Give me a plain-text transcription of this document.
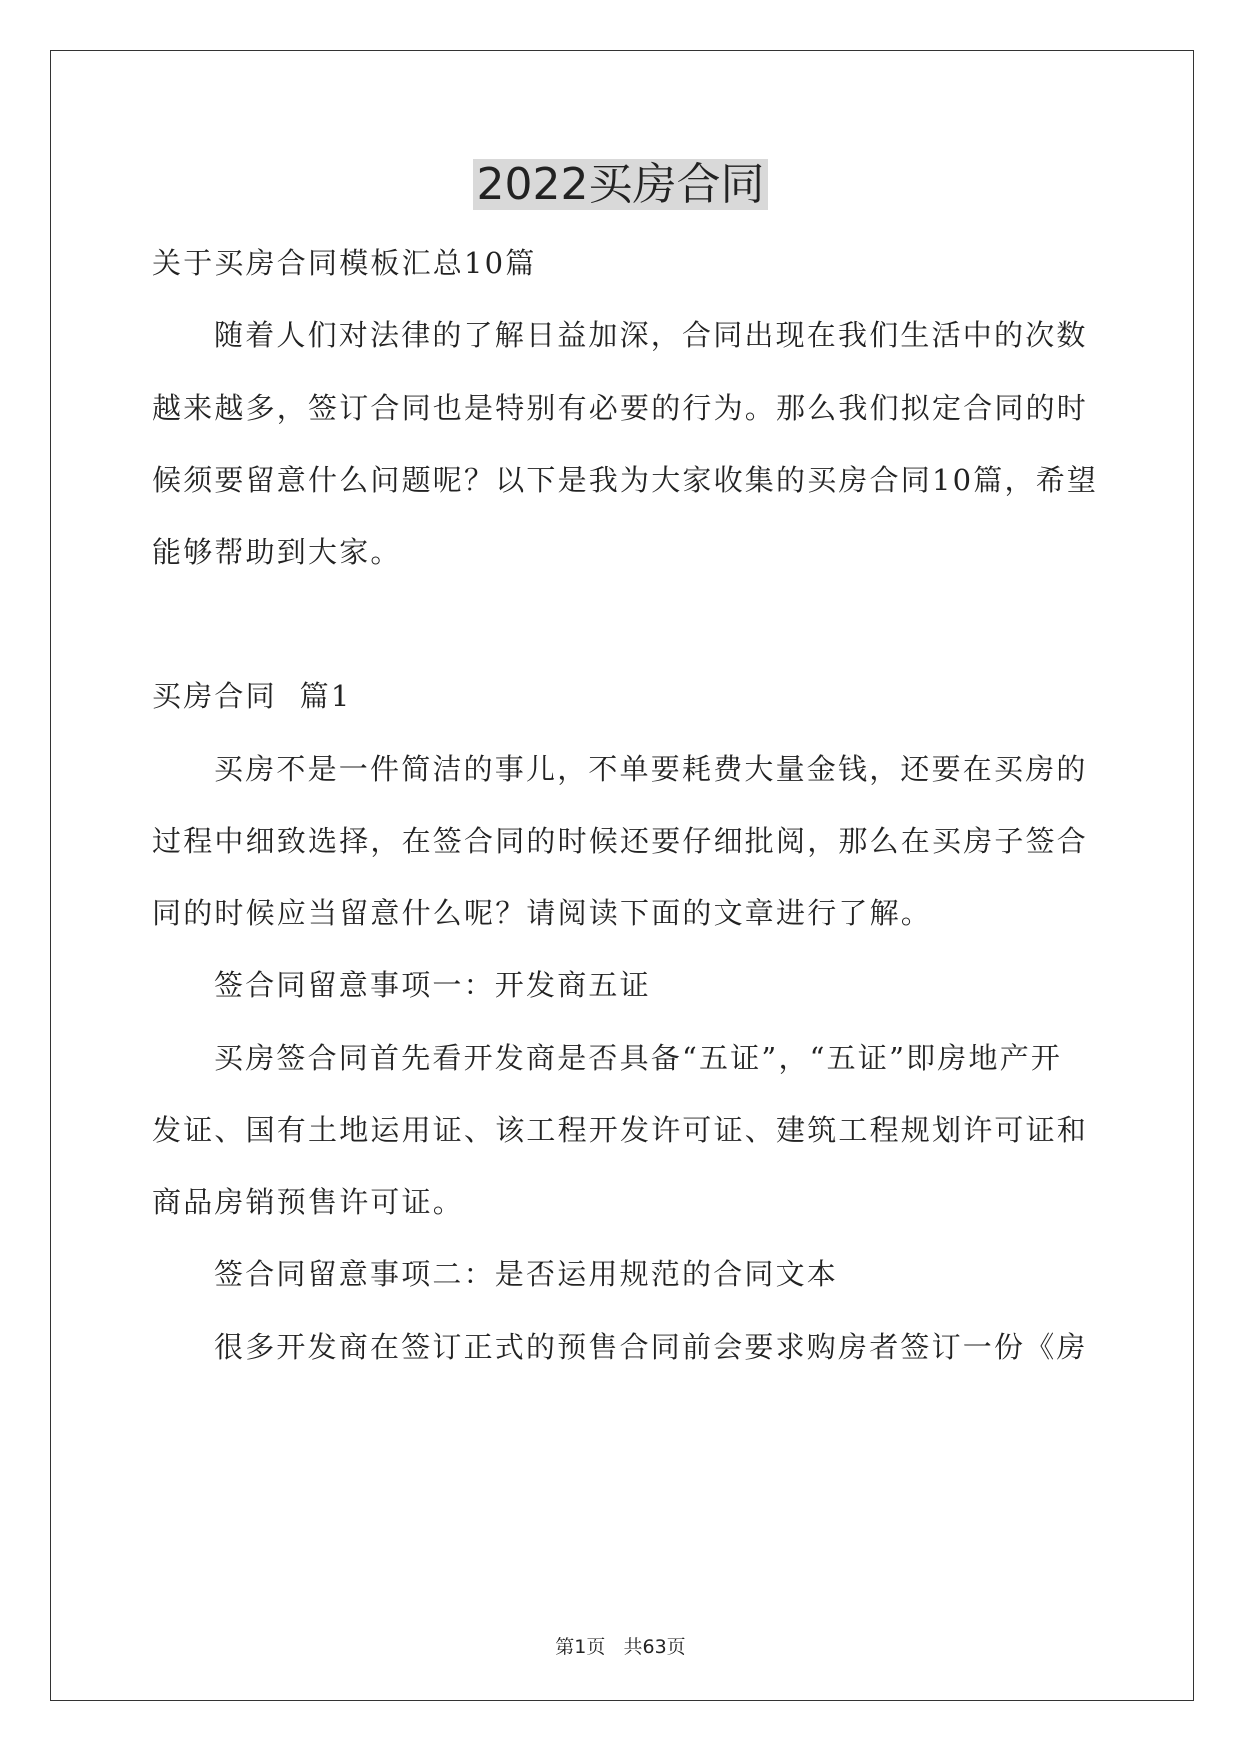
2022买房合同
关于买房合同模板汇总10篇
随着人们对法律的了解日益加深，合同出现在我们生活中的次数
越来越多，签订合同也是特别有必要的行为。那么我们拟定合同的时
候须要留意什么问题呢？以下是我为大家收集的买房合同10篇，希望
能够帮助到大家。
买房合同  篇1
买房不是一件简洁的事儿，不单要耗费大量金钱，还要在买房的
过程中细致选择，在签合同的时候还要仔细批阅，那么在买房子签合
同的时候应当留意什么呢？请阅读下面的文章进行了解。
签合同留意事项一：开发商五证
买房签合同首先看开发商是否具备“五证”，“五证”即房地产开
发证、国有土地运用证、该工程开发许可证、建筑工程规划许可证和
商品房销预售许可证。
签合同留意事项二：是否运用规范的合同文本
很多开发商在签订正式的预售合同前会要求购房者签订一份《房
第1页   共63页
